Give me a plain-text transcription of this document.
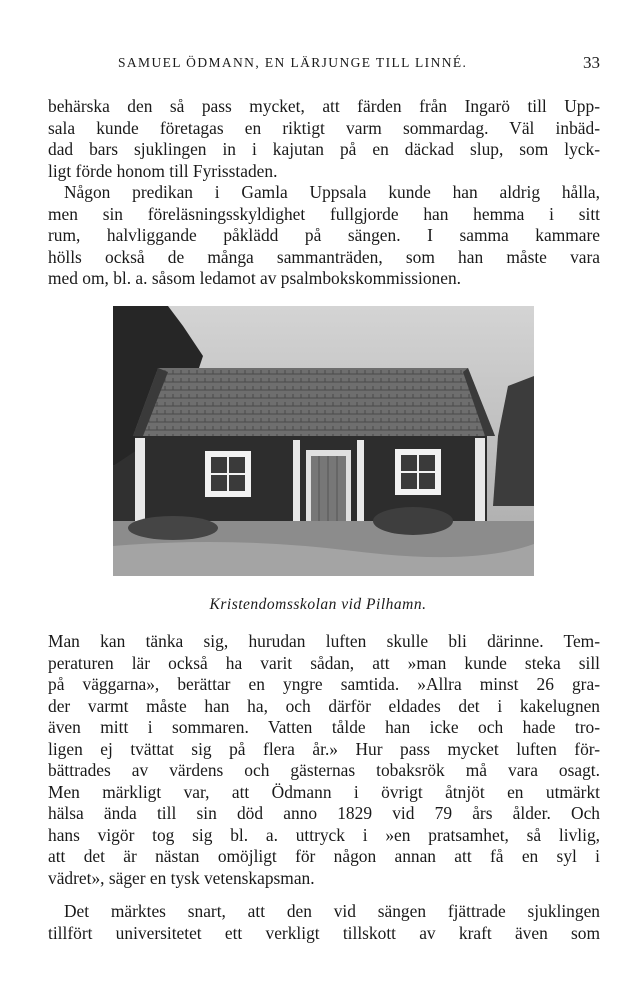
SAMUEL ÖDMANN, EN LÄRJUNGE TILL LINNÉ.	33
behärska den så pass mycket, att färden från Ingarö till Upp-
sala kunde företagas en riktigt varm sommardag. Väl inbäd-
dad bars sjuklingen in i kajutan på en däckad slup, som lyck-
ligt förde honom till Fyrisstaden.
Någon predikan i Gamla Uppsala kunde han aldrig hålla,
men sin föreläsningsskyldighet fullgjorde han hemma i sitt
rum, halvliggande påklädd på sängen. I samma kammare
hölls också de många sammanträden, som han måste vara
med om, bl. a. såsom ledamot av psalmbokskommissionen.
Kristendomsskolan vid Pilhamn.
Man kan tänka sig, hurudan luften skulle bli därinne. Tem-
peraturen lär också ha varit sådan, att »man kunde steka sill
på väggarna», berättar en yngre samtida. »Allra minst 26 gra-
der varmt måste han ha, och därför eldades det i kakelugnen
även mitt i sommaren. Vatten tålde han icke och hade tro-
ligen ej tvättat sig på flera år.» Hur pass mycket luften för-
bättrades av värdens och gästernas tobaksrök må vara osagt.
Men märkligt var, att Ödmann i övrigt åtnjöt en utmärkt
hälsa ända till sin död anno 1829 vid 79 års ålder. Och
hans vigör tog sig bl. a. uttryck i »en pratsamhet, så livlig,
att det är nästan omöjligt för någon annan att få en syl i
vädret», säger en tysk vetenskapsman.
Det märktes snart, att den vid sängen fjättrade sjuklingen
tillfört universitetet ett verkligt tillskott av kraft även som
